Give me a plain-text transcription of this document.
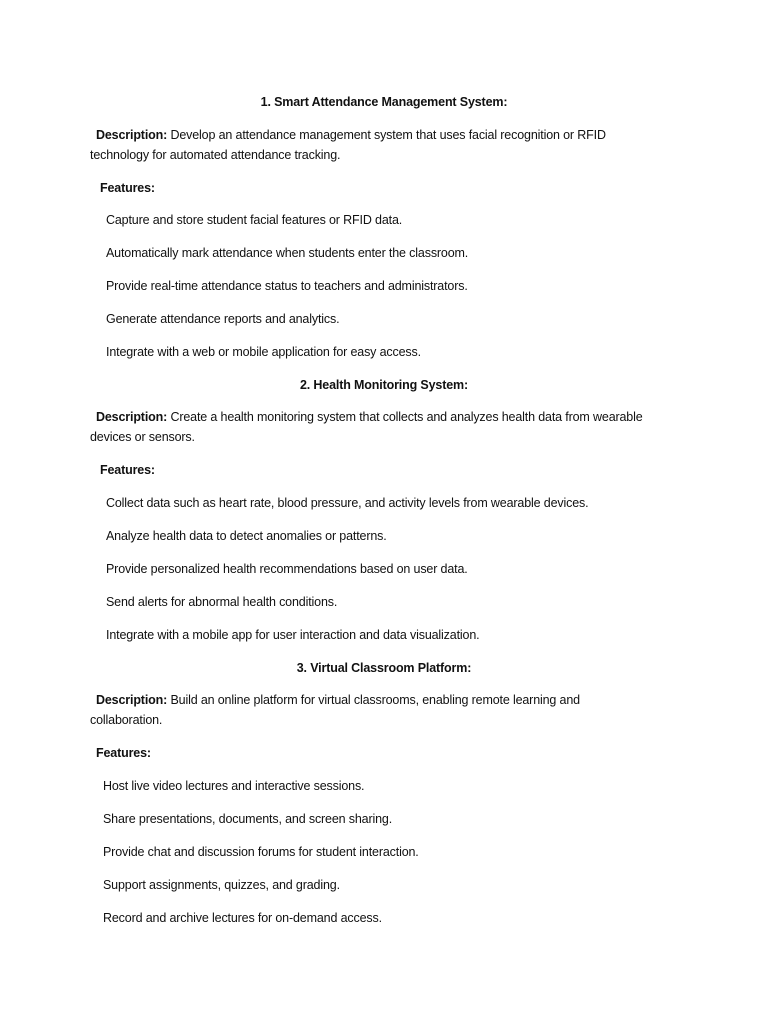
1. Smart Attendance Management System:
Description: Develop an attendance management system that uses facial recognition or RFID
technology for automated attendance tracking.
Features:
Capture and store student facial features or RFID data.
Automatically mark attendance when students enter the classroom.
Provide real-time attendance status to teachers and administrators.
Generate attendance reports and analytics.
Integrate with a web or mobile application for easy access.
2. Health Monitoring System:
Description: Create a health monitoring system that collects and analyzes health data from wearable
devices or sensors.
Features:
Collect data such as heart rate, blood pressure, and activity levels from wearable devices.
Analyze health data to detect anomalies or patterns.
Provide personalized health recommendations based on user data.
Send alerts for abnormal health conditions.
Integrate with a mobile app for user interaction and data visualization.
3. Virtual Classroom Platform:
Description: Build an online platform for virtual classrooms, enabling remote learning and
collaboration.
Features:
Host live video lectures and interactive sessions.
Share presentations, documents, and screen sharing.
Provide chat and discussion forums for student interaction.
Support assignments, quizzes, and grading.
Record and archive lectures for on-demand access.
